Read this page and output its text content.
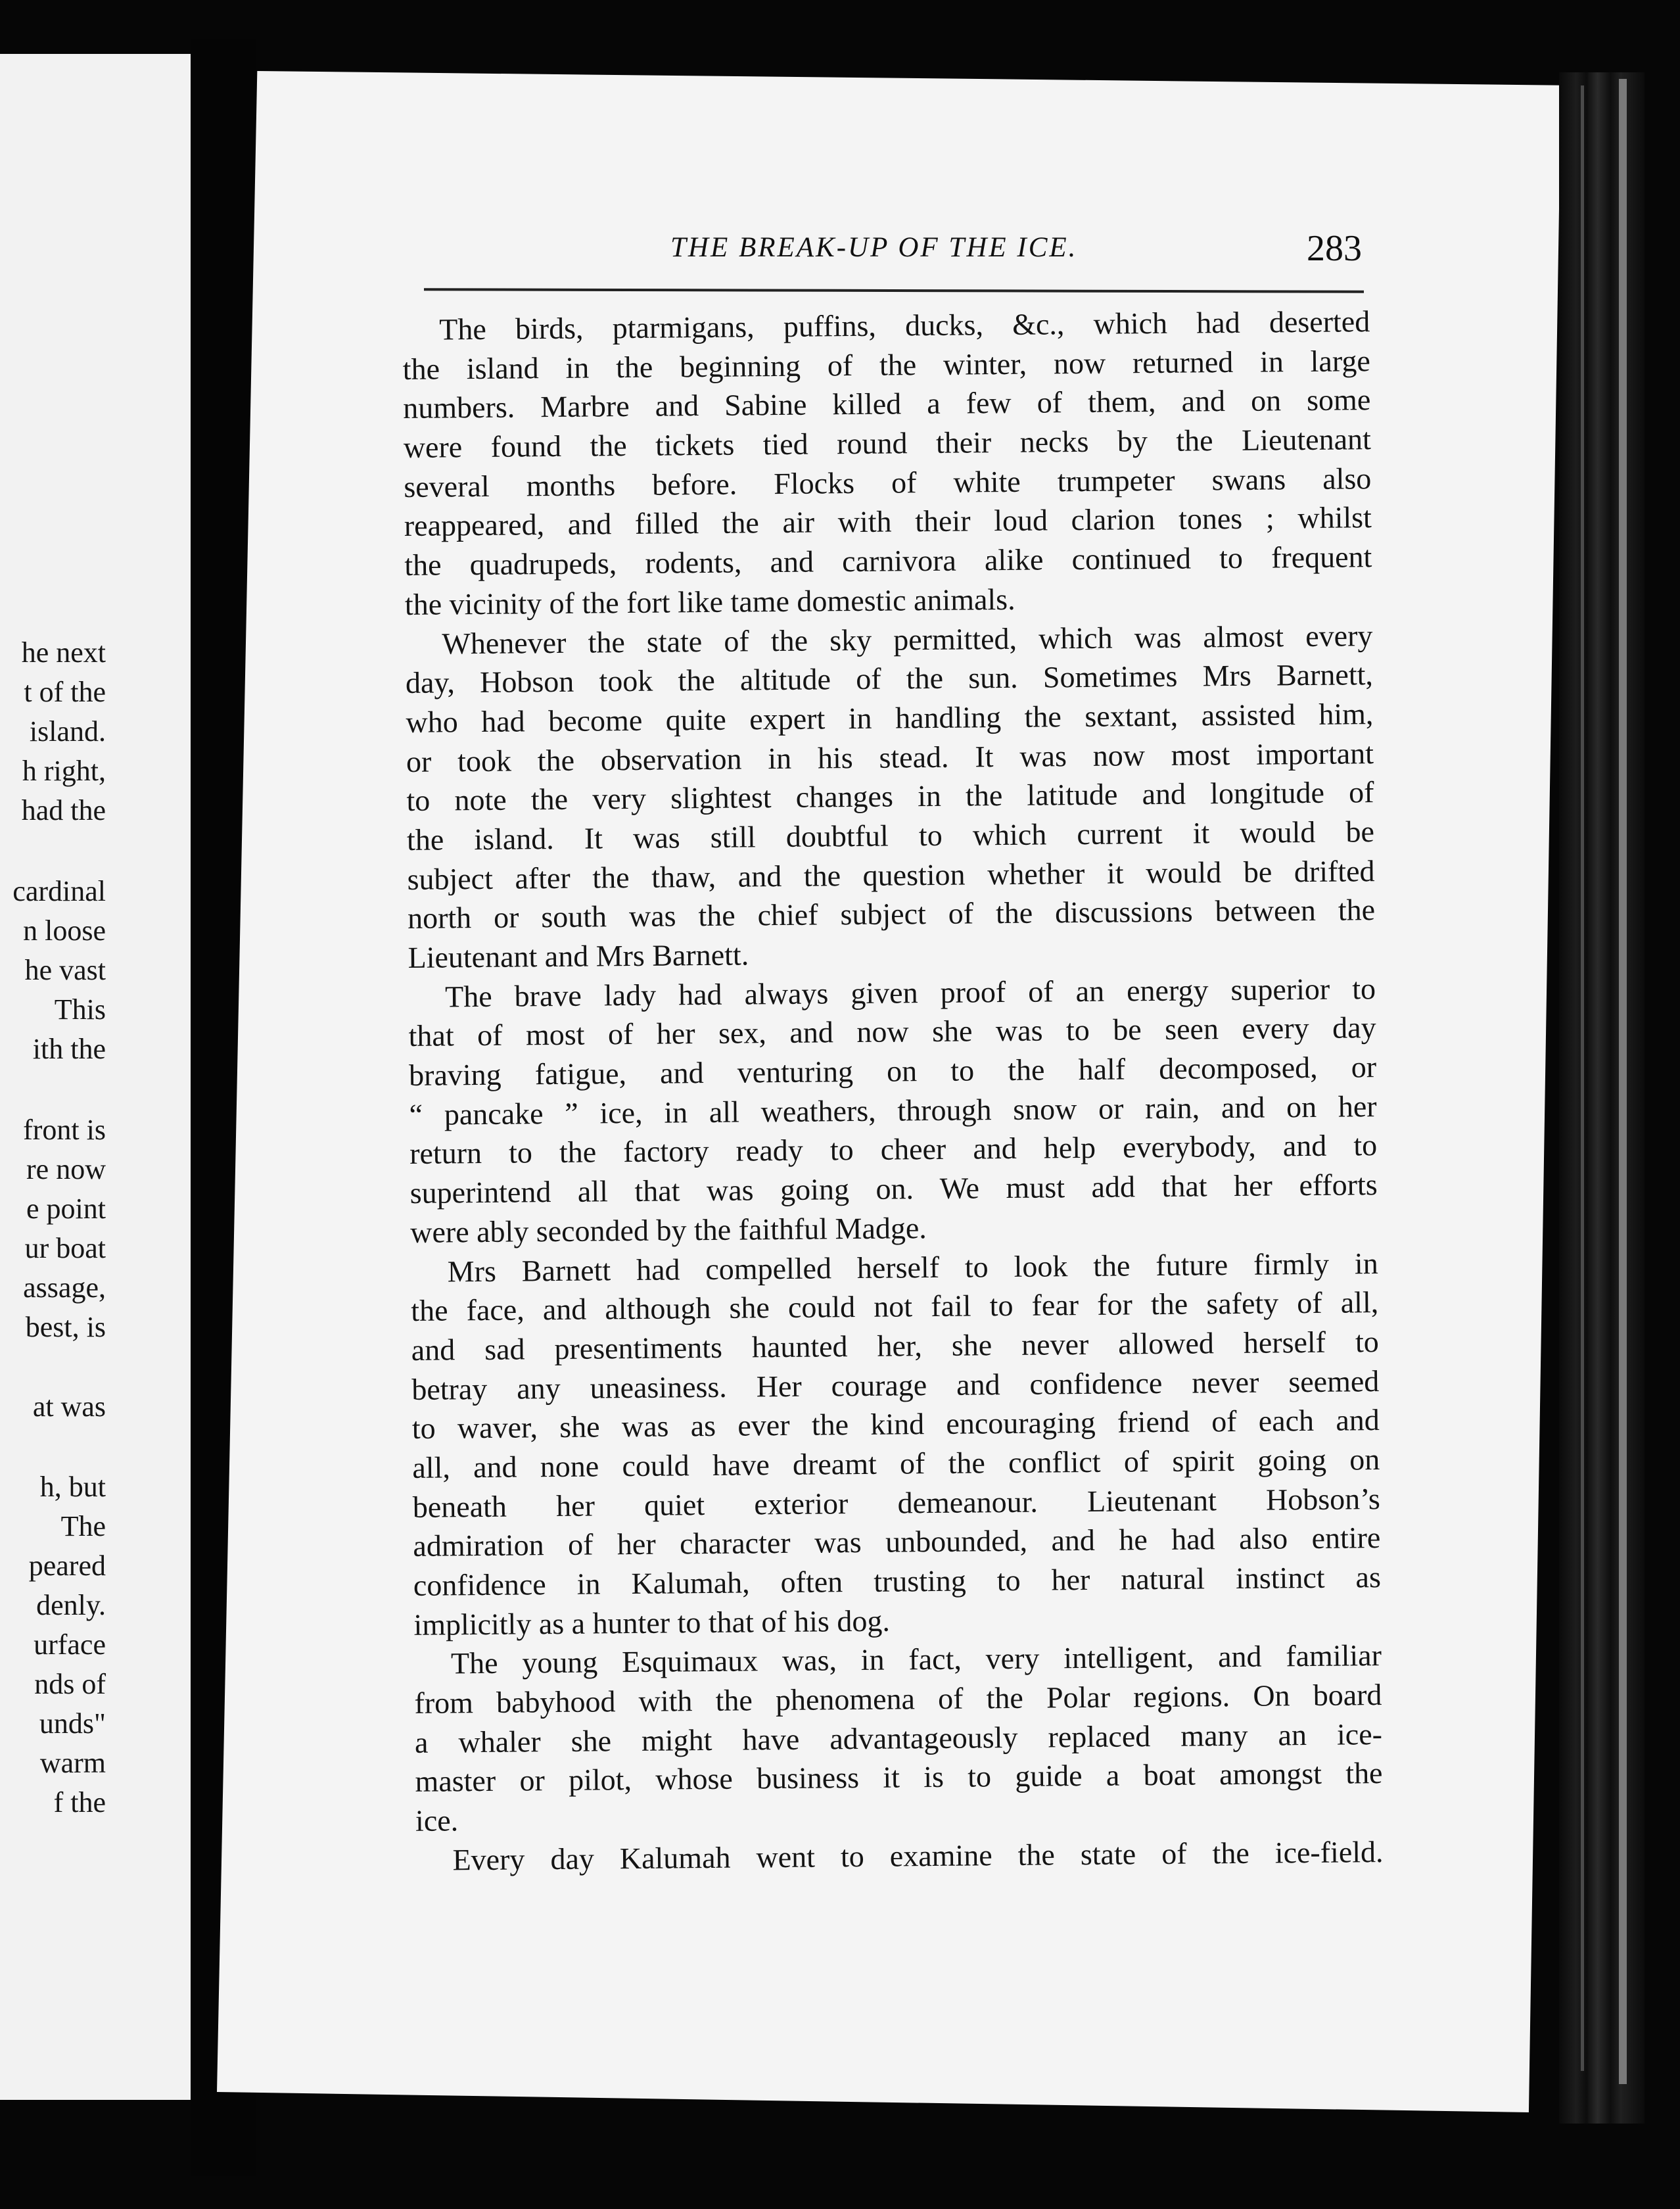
he next
t of the
island.
h right,
had the
cardinal
n loose
he vast
This
ith the
front is
re now
e point
ur boat
assage,
best, is
at was
h, but
The
peared
denly.
urface
nds of
unds"
warm
f the
THE BREAK-UP OF THE ICE.	283
The birds, ptarmigans, puffins, ducks, &c., which had deserted
the island in the beginning of the winter, now returned in large
numbers. Marbre and Sabine killed a few of them, and on some
were found the tickets tied round their necks by the Lieutenant
several months before. Flocks of white trumpeter swans also
reappeared, and filled the air with their loud clarion tones ; whilst
the quadrupeds, rodents, and carnivora alike continued to frequent
the vicinity of the fort like tame domestic animals.
Whenever the state of the sky permitted, which was almost every
day, Hobson took the altitude of the sun. Sometimes Mrs Barnett,
who had become quite expert in handling the sextant, assisted him,
or took the observation in his stead. It was now most important
to note the very slightest changes in the latitude and longitude of
the island. It was still doubtful to which current it would be
subject after the thaw, and the question whether it would be drifted
north or south was the chief subject of the discussions between the
Lieutenant and Mrs Barnett.
The brave lady had always given proof of an energy superior to
that of most of her sex, and now she was to be seen every day
braving fatigue, and venturing on to the half decomposed, or
“ pancake ” ice, in all weathers, through snow or rain, and on her
return to the factory ready to cheer and help everybody, and to
superintend all that was going on. We must add that her efforts
were ably seconded by the faithful Madge.
Mrs Barnett had compelled herself to look the future firmly in
the face, and although she could not fail to fear for the safety of all,
and sad presentiments haunted her, she never allowed herself to
betray any uneasiness. Her courage and confidence never seemed
to waver, she was as ever the kind encouraging friend of each and
all, and none could have dreamt of the conflict of spirit going on
beneath her quiet exterior demeanour. Lieutenant Hobson’s
admiration of her character was unbounded, and he had also entire
confidence in Kalumah, often trusting to her natural instinct as
implicitly as a hunter to that of his dog.
The young Esquimaux was, in fact, very intelligent, and familiar
from babyhood with the phenomena of the Polar regions. On board
a whaler she might have advantageously replaced many an ice-
master or pilot, whose business it is to guide a boat amongst the
ice.
Every day Kalumah went to examine the state of the ice-field.
